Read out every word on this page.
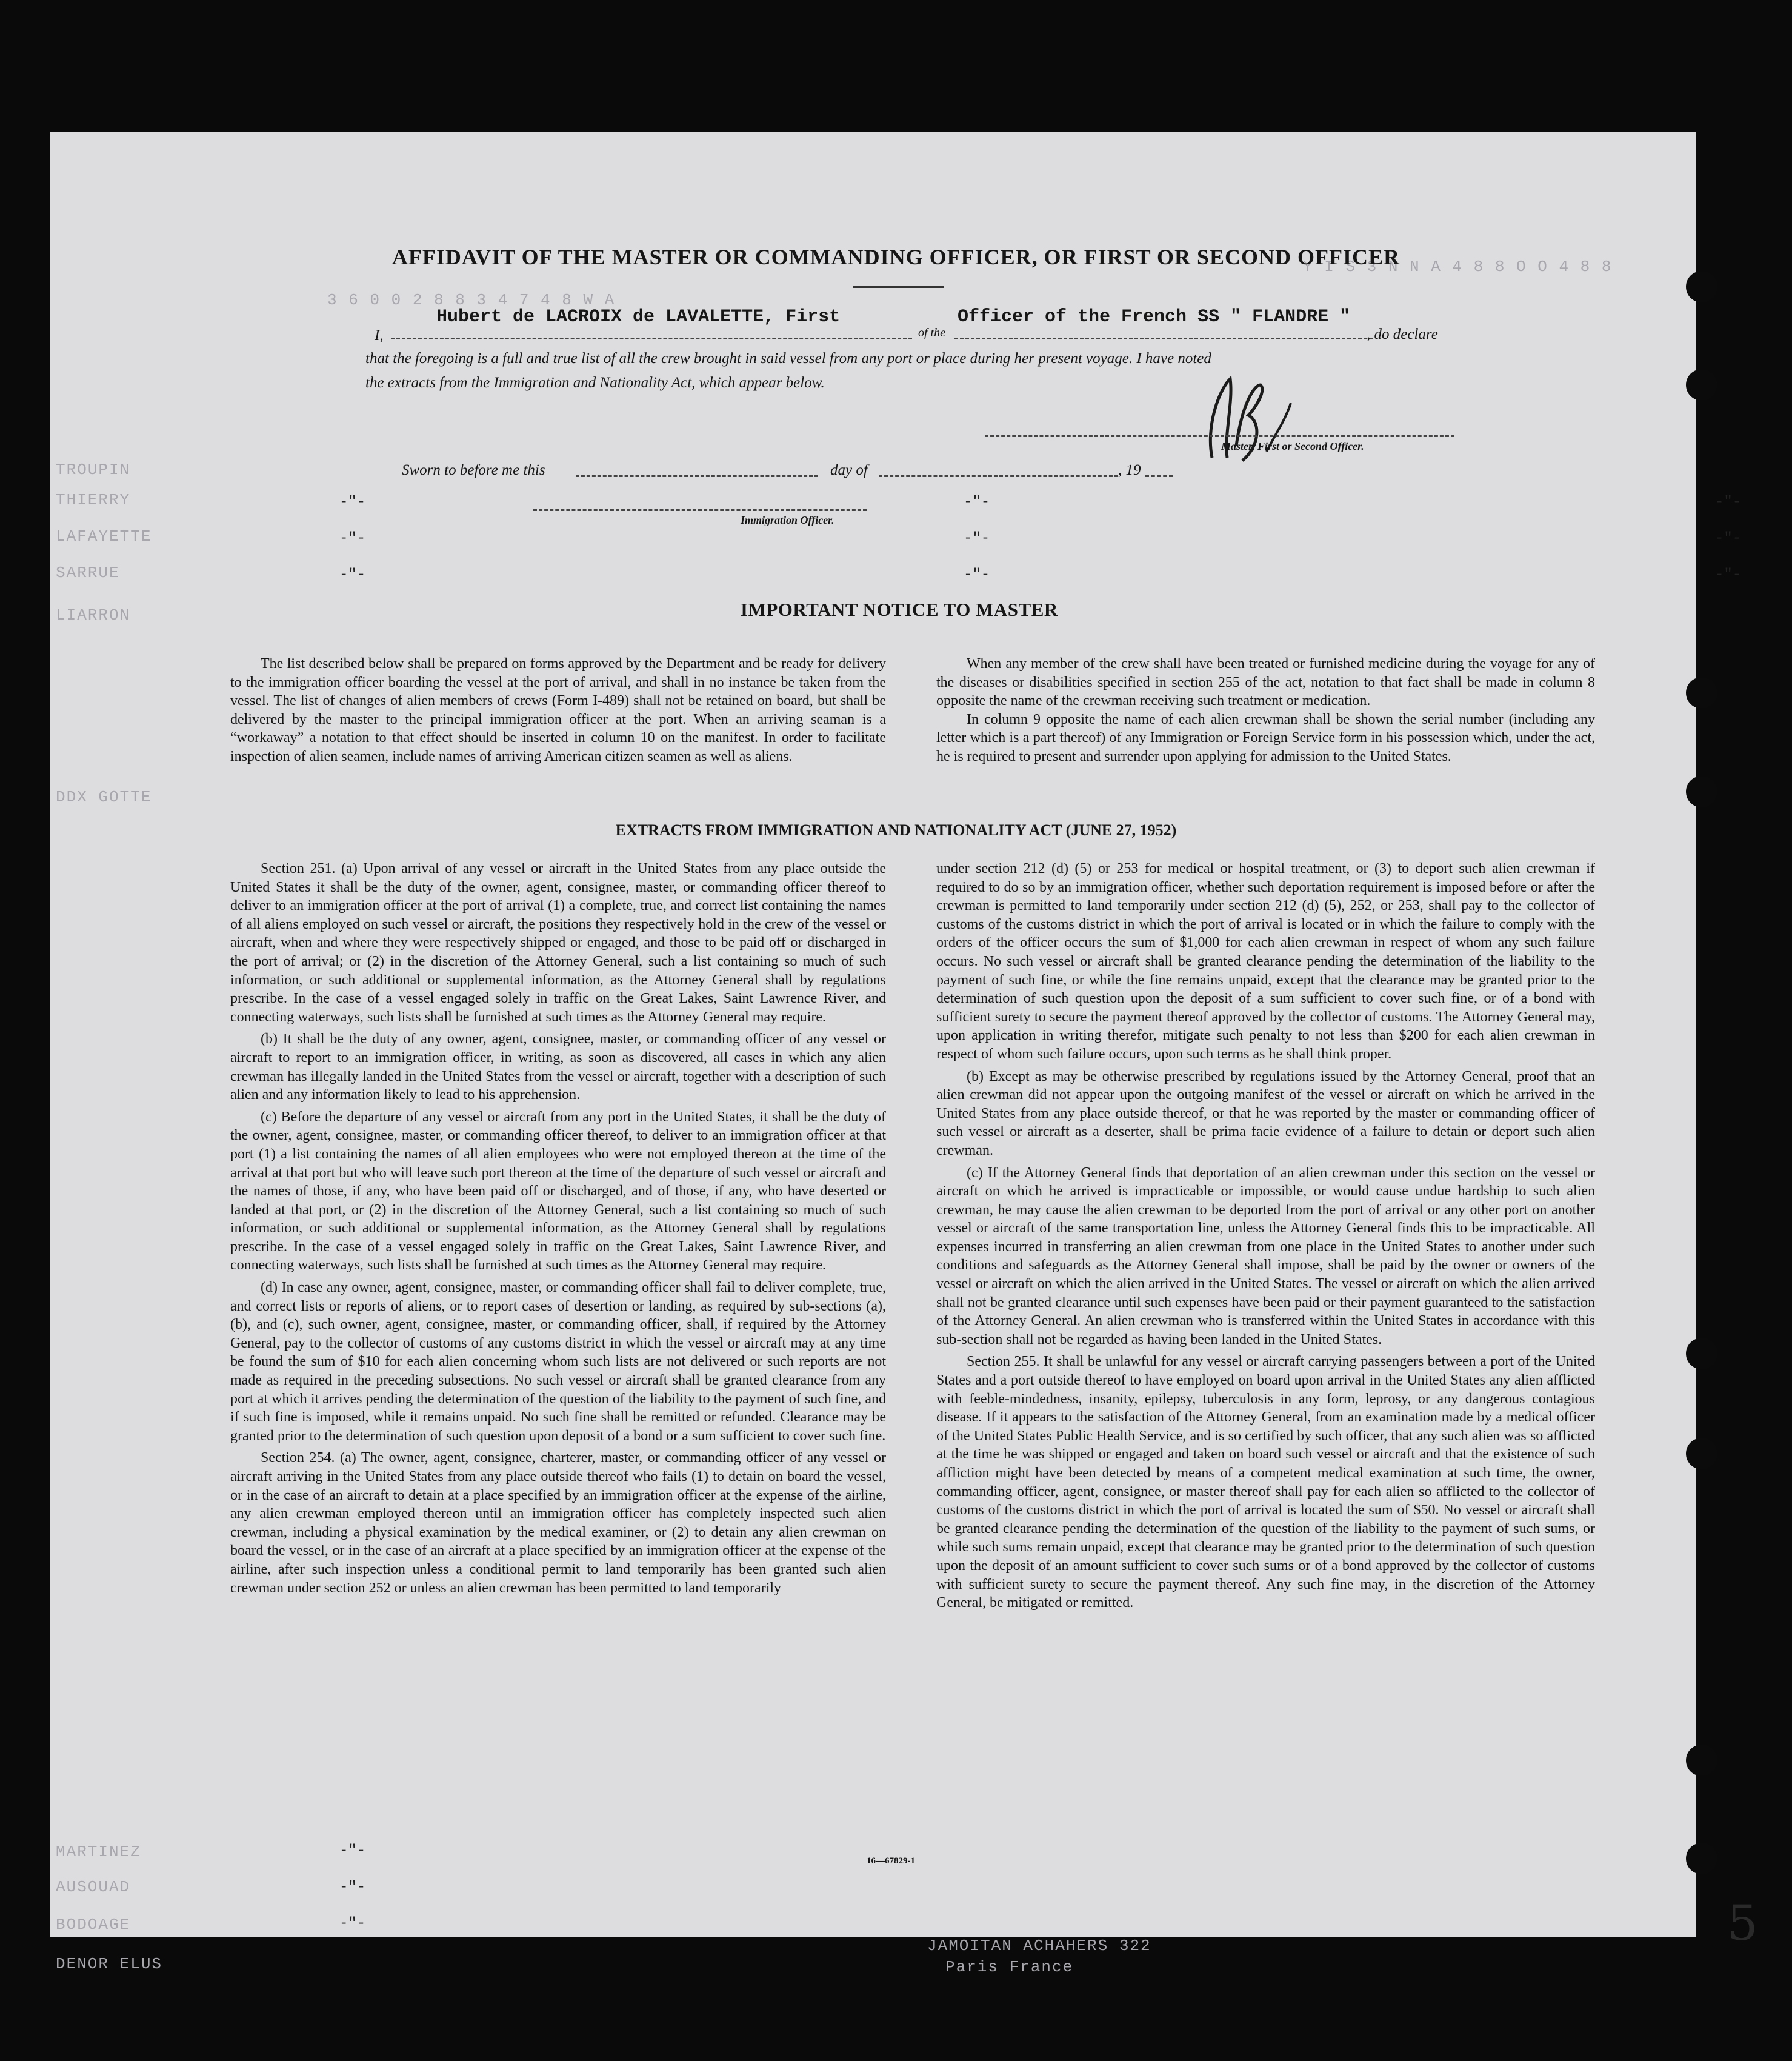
3 6 0 0 2 8 8 3 4 7 4 8 W A
Y I S 3 N N A 4 8 8 O O 4 8 8
TROUPIN
THIERRY
LAFAYETTE
SARRUE
LIARRON
DDX GOTTE
MARTINEZ
AUSOUAD
BODOAGE
DENOR ELUS
JAMOITAN ACHAHERS 322
Paris France
AFFIDAVIT OF THE MASTER OR COMMANDING OFFICER, OR FIRST OR SECOND OFFICER
I,
Hubert de LACROIX de LAVALETTE, First
of the
Officer of the French SS " FLANDRE "
, do declare
that the foregoing is a full and true list of all the crew brought in said vessel from any port or place during her present voyage. I have noted
the extracts from the Immigration and Nationality Act, which appear below.
Master, First or Second Officer.
Sworn to before me this	day of	, 19
Immigration Officer.
IMPORTANT NOTICE TO MASTER

The list described below shall be prepared on forms approved by the Department and be ready for delivery to the immigration officer boarding the vessel at the port of arrival, and shall in no instance be taken from the vessel. The list of changes of alien members of crews (Form I-489) shall not be retained on board, but shall be delivered by the master to the principal immigration officer at the port. When an arriving seaman is a “workaway” a notation to that effect should be inserted in column 10 on the manifest. In order to facilitate inspection of alien seamen, include names of arriving American citizen seamen as well as aliens.

When any member of the crew shall have been treated or furnished medicine during the voyage for any of the diseases or disabilities specified in section 255 of the act, notation to that fact shall be made in column 8 opposite the name of the crewman receiving such treatment or medication.

In column 9 opposite the name of each alien crewman shall be shown the serial number (including any letter which is a part thereof) of any Immigration or Foreign Service form in his possession which, under the act, he is required to present and surrender upon applying for admission to the United States.

EXTRACTS FROM IMMIGRATION AND NATIONALITY ACT (JUNE 27, 1952)

Section 251. (a) Upon arrival of any vessel or aircraft in the United States from any place outside the United States it shall be the duty of the owner, agent, consignee, master, or commanding officer thereof to deliver to an immigration officer at the port of arrival (1) a complete, true, and correct list containing the names of all aliens employed on such vessel or aircraft, the positions they respectively hold in the crew of the vessel or aircraft, when and where they were respectively shipped or engaged, and those to be paid off or discharged in the port of arrival; or (2) in the discretion of the Attorney General, such a list containing so much of such information, or such additional or supplemental information, as the Attorney General shall by regulations prescribe. In the case of a vessel engaged solely in traffic on the Great Lakes, Saint Lawrence River, and connecting waterways, such lists shall be furnished at such times as the Attorney General may require.

(b) It shall be the duty of any owner, agent, consignee, master, or commanding officer of any vessel or aircraft to report to an immigration officer, in writing, as soon as discovered, all cases in which any alien crewman has illegally landed in the United States from the vessel or aircraft, together with a description of such alien and any information likely to lead to his apprehension.

(c) Before the departure of any vessel or aircraft from any port in the United States, it shall be the duty of the owner, agent, consignee, master, or commanding officer thereof, to deliver to an immigration officer at that port (1) a list containing the names of all alien employees who were not employed thereon at the time of the arrival at that port but who will leave such port thereon at the time of the departure of such vessel or aircraft and the names of those, if any, who have been paid off or discharged, and of those, if any, who have deserted or landed at that port, or (2) in the discretion of the Attorney General, such a list containing so much of such information, or such additional or supplemental information, as the Attorney General shall by regulations prescribe. In the case of a vessel engaged solely in traffic on the Great Lakes, Saint Lawrence River, and connecting waterways, such lists shall be furnished at such times as the Attorney General may require.

(d) In case any owner, agent, consignee, master, or commanding officer shall fail to deliver complete, true, and correct lists or reports of aliens, or to report cases of desertion or landing, as required by sub-sections (a), (b), and (c), such owner, agent, consignee, master, or commanding officer, shall, if required by the Attorney General, pay to the collector of customs of any customs district in which the vessel or aircraft may at any time be found the sum of $10 for each alien concerning whom such lists are not delivered or such reports are not made as required in the preceding subsections. No such vessel or aircraft shall be granted clearance from any port at which it arrives pending the determination of the question of the liability to the payment of such fine, and if such fine is imposed, while it remains unpaid. No such fine shall be remitted or refunded. Clearance may be granted prior to the determination of such question upon deposit of a bond or a sum sufficient to cover such fine.

Section 254. (a) The owner, agent, consignee, charterer, master, or commanding officer of any vessel or aircraft arriving in the United States from any place outside thereof who fails (1) to detain on board the vessel, or in the case of an aircraft to detain at a place specified by an immigration officer at the expense of the airline, any alien crewman employed thereon until an immigration officer has completely inspected such alien crewman, including a physical examination by the medical examiner, or (2) to detain any alien crewman on board the vessel, or in the case of an aircraft at a place specified by an immigration officer at the expense of the airline, after such inspection unless a conditional permit to land temporarily has been granted such alien crewman under section 252 or unless an alien crewman has been permitted to land temporarily

under section 212 (d) (5) or 253 for medical or hospital treatment, or (3) to deport such alien crewman if required to do so by an immigration officer, whether such deportation requirement is imposed before or after the crewman is permitted to land temporarily under section 212 (d) (5), 252, or 253, shall pay to the collector of customs of the customs district in which the port of arrival is located or in which the failure to comply with the orders of the officer occurs the sum of $1,000 for each alien crewman in respect of whom any such failure occurs. No such vessel or aircraft shall be granted clearance pending the determination of the liability to the payment of such fine, or while the fine remains unpaid, except that the clearance may be granted prior to the determination of such question upon the deposit of a sum sufficient to cover such fine, or of a bond with sufficient surety to secure the payment thereof approved by the collector of customs. The Attorney General may, upon application in writing therefor, mitigate such penalty to not less than $200 for each alien crewman in respect of whom such failure occurs, upon such terms as he shall think proper.

(b) Except as may be otherwise prescribed by regulations issued by the Attorney General, proof that an alien crewman did not appear upon the outgoing manifest of the vessel or aircraft on which he arrived in the United States from any place outside thereof, or that he was reported by the master or commanding officer of such vessel or aircraft as a deserter, shall be prima facie evidence of a failure to detain or deport such alien crewman.

(c) If the Attorney General finds that deportation of an alien crewman under this section on the vessel or aircraft on which he arrived is impracticable or impossible, or would cause undue hardship to such alien crewman, he may cause the alien crewman to be deported from the port of arrival or any other port on another vessel or aircraft of the same transportation line, unless the Attorney General finds this to be impracticable. All expenses incurred in transferring an alien crewman from one place in the United States to another under such conditions and safeguards as the Attorney General shall impose, shall be paid by the owner or owners of the vessel or aircraft on which the alien arrived in the United States. The vessel or aircraft on which the alien arrived shall not be granted clearance until such expenses have been paid or their payment guaranteed to the satisfaction of the Attorney General. An alien crewman who is transferred within the United States in accordance with this sub-section shall not be regarded as having been landed in the United States.

Section 255. It shall be unlawful for any vessel or aircraft carrying passengers between a port of the United States and a port outside thereof to have employed on board upon arrival in the United States any alien afflicted with feeble-mindedness, insanity, epilepsy, tuberculosis in any form, leprosy, or any dangerous contagious disease. If it appears to the satisfaction of the Attorney General, from an examination made by a medical officer of the United States Public Health Service, and is so certified by such officer, that any such alien was so afflicted at the time he was shipped or engaged and taken on board such vessel or aircraft and that the existence of such affliction might have been detected by means of a competent medical examination at such time, the owner, commanding officer, agent, consignee, or master thereof shall pay for each alien so afflicted to the collector of customs of the customs district in which the port of arrival is located the sum of $50. No vessel or aircraft shall be granted clearance pending the determination of the question of the liability to the payment of such sums, or while such sums remain unpaid, except that clearance may be granted prior to the determination of such question upon the deposit of an amount sufficient to cover such sums or of a bond approved by the collector of customs with sufficient surety to secure the payment thereof. Any such fine may, in the discretion of the Attorney General, be mitigated or remitted.

-"-
-"-
-"-
-"-
-"-
-"-
-"-
-"-
-"-
-"-
-"-
-"-
16—67829-1
5
